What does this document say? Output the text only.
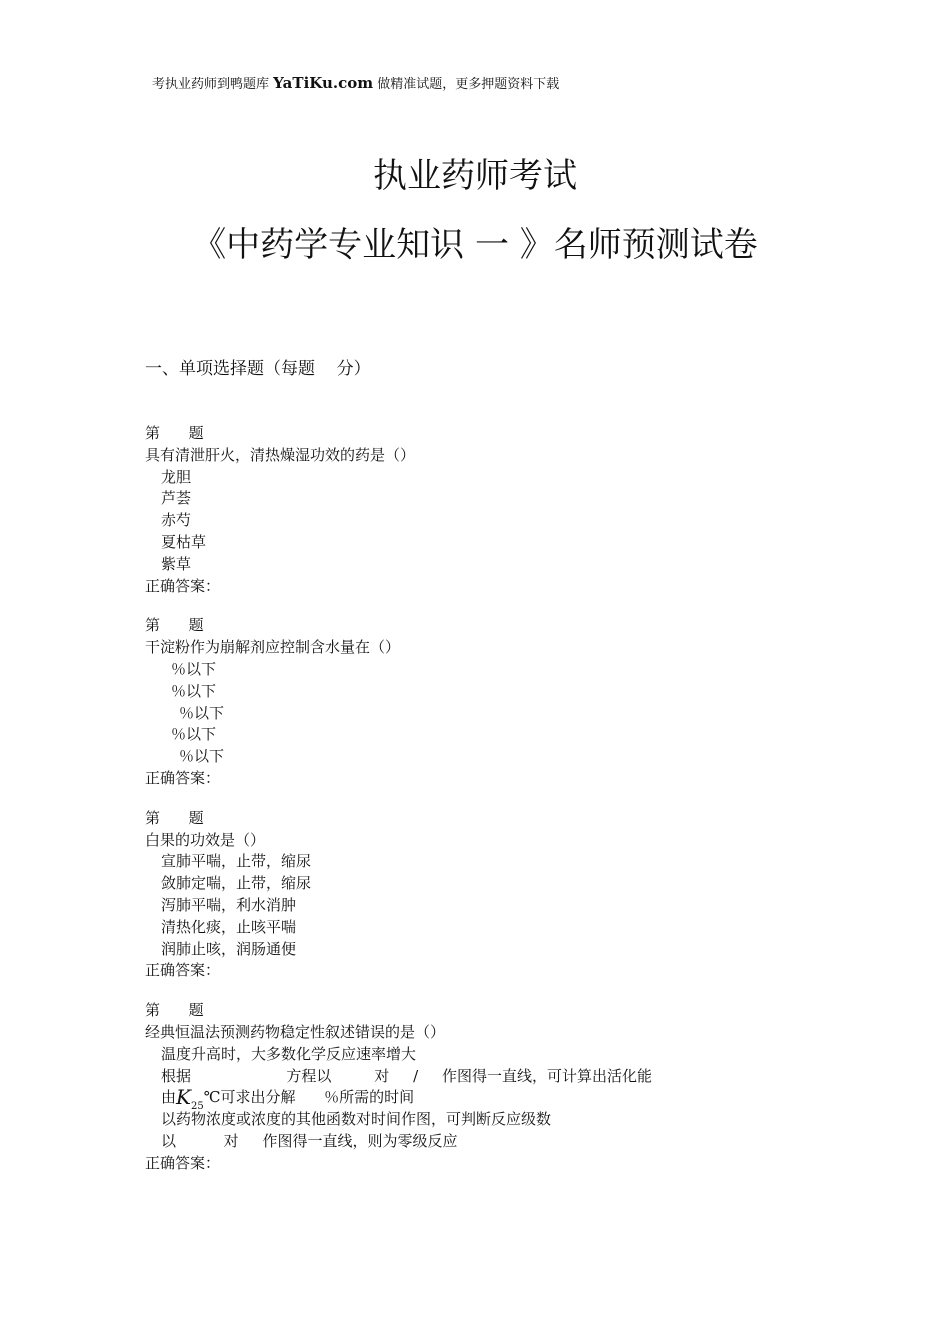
考执业药师到鸭题库 YaTiKu.com 做精准试题，更多押题资料下载
执业药师考试
《中药学专业知识 一 》名师预测试卷
一、单项选择题（每题    分）
第      题
具有清泄肝火，清热燥湿功效的药是（）
龙胆
芦荟
赤芍
夏枯草
紫草
正确答案：
第      题
干淀粉作为崩解剂应控制含水量在（）
％以下
％以下
％以下
％以下
％以下
正确答案：
第      题
白果的功效是（）
宣肺平喘，止带，缩尿
敛肺定喘，止带，缩尿
泻肺平喘，利水消肿
清热化痰，止咳平喘
润肺止咳，润肠通便
正确答案：
第      题
经典恒温法预测药物稳定性叙述错误的是（）
温度升高时，大多数化学反应速率增大
根据                    方程以         对     /     作图得一直线，可计算出活化能
由$K_{25}℃$可求出分解      ％所需的时间
以药物浓度或浓度的其他函数对时间作图，可判断反应级数
以          对     作图得一直线，则为零级反应
正确答案：
